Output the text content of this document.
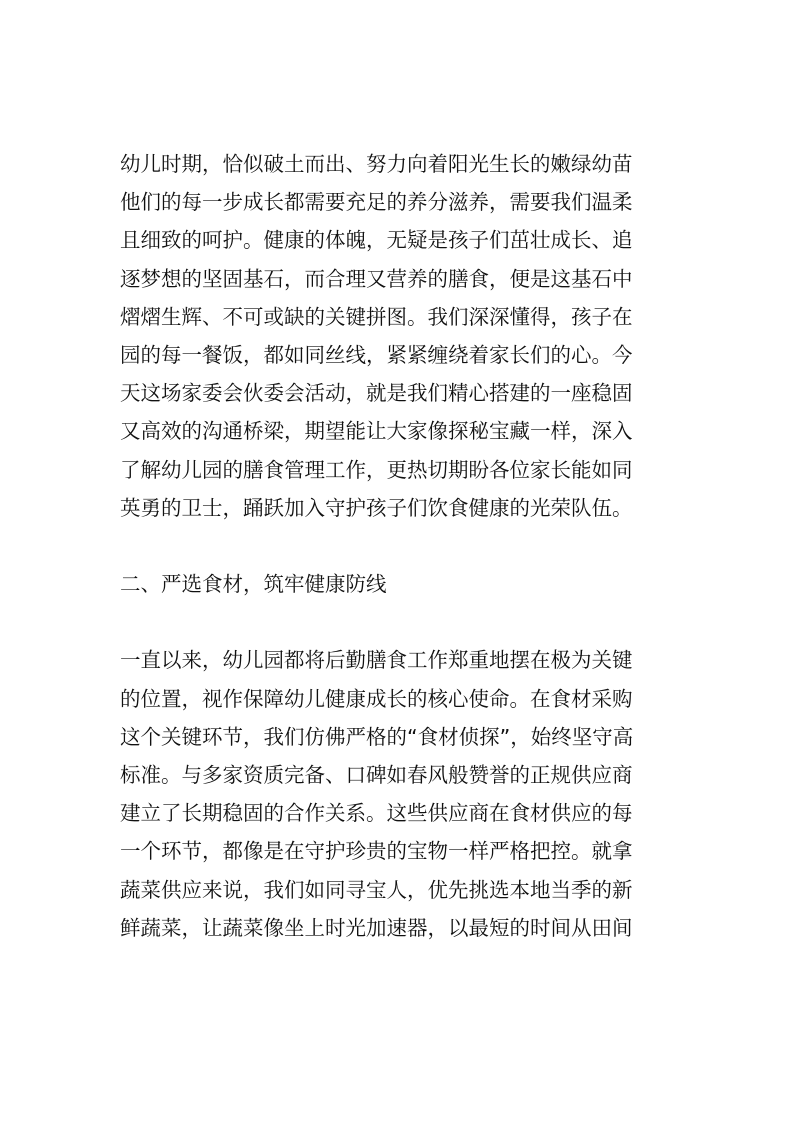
幼儿时期，恰似破土而出、努力向着阳光生长的嫩绿幼苗
他们的每一步成长都需要充足的养分滋养，需要我们温柔
且细致的呵护。健康的体魄，无疑是孩子们茁壮成长、追
逐梦想的坚固基石，而合理又营养的膳食，便是这基石中
熠熠生辉、不可或缺的关键拼图。我们深深懂得，孩子在
园的每一餐饭，都如同丝线，紧紧缠绕着家长们的心。今
天这场家委会伙委会活动，就是我们精心搭建的一座稳固
又高效的沟通桥梁，期望能让大家像探秘宝藏一样，深入
了解幼儿园的膳食管理工作，更热切期盼各位家长能如同
英勇的卫士，踊跃加入守护孩子们饮食健康的光荣队伍。
二、严选食材，筑牢健康防线
一直以来，幼儿园都将后勤膳食工作郑重地摆在极为关键
的位置，视作保障幼儿健康成长的核心使命。在食材采购
这个关键环节，我们仿佛严格的“食材侦探”，始终坚守高
标准。与多家资质完备、口碑如春风般赞誉的正规供应商
建立了长期稳固的合作关系。这些供应商在食材供应的每
一个环节，都像是在守护珍贵的宝物一样严格把控。就拿
蔬菜供应来说，我们如同寻宝人，优先挑选本地当季的新
鲜蔬菜，让蔬菜像坐上时光加速器，以最短的时间从田间
